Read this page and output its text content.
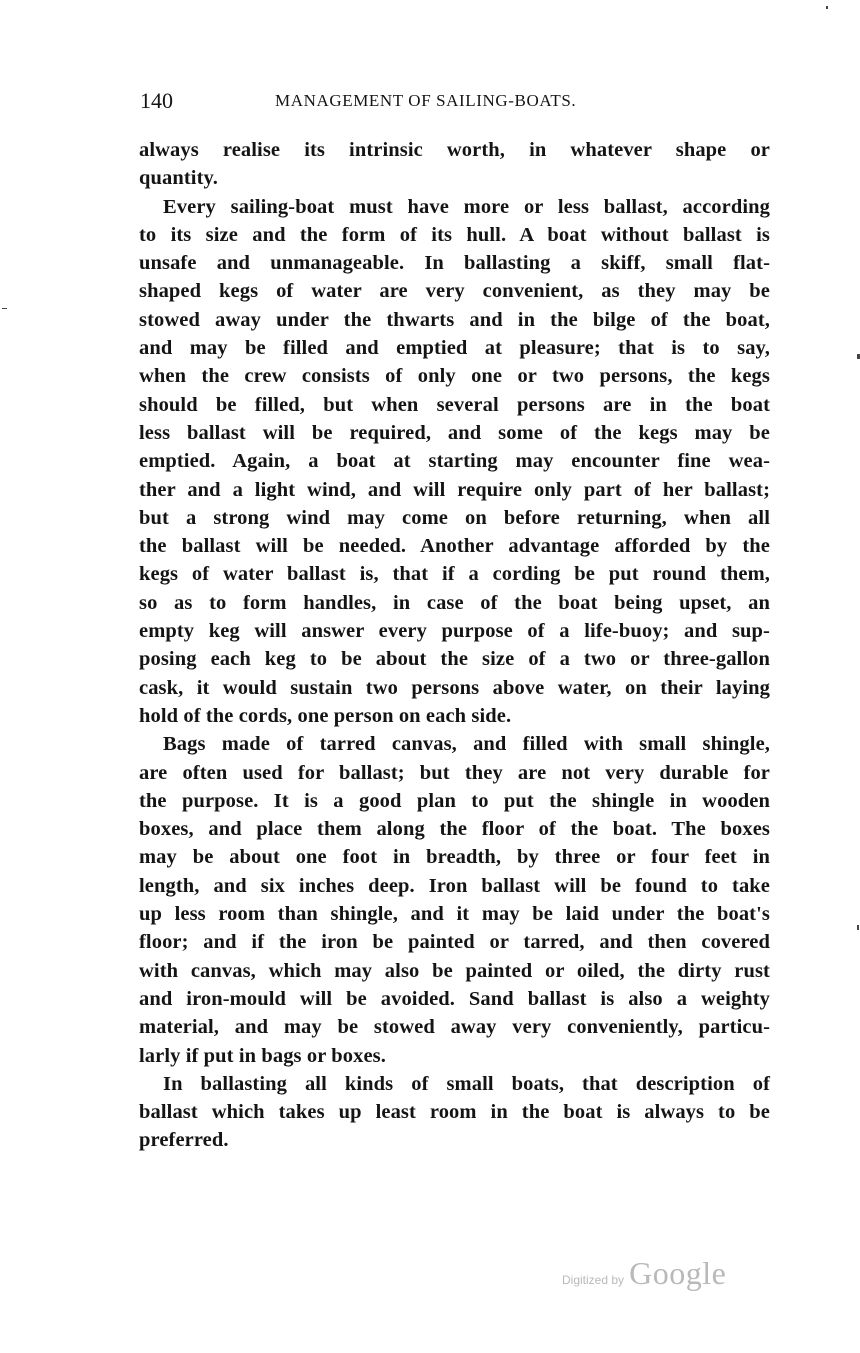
140	MANAGEMENT OF SAILING-BOATS.
always realise its intrinsic worth, in whatever shape or
quantity.
Every sailing-boat must have more or less ballast, according
to its size and the form of its hull. A boat without ballast is
unsafe and unmanageable. In ballasting a skiff, small flat-
shaped kegs of water are very convenient, as they may be
stowed away under the thwarts and in the bilge of the boat,
and may be filled and emptied at pleasure; that is to say,
when the crew consists of only one or two persons, the kegs
should be filled, but when several persons are in the boat
less ballast will be required, and some of the kegs may be
emptied. Again, a boat at starting may encounter fine wea-
ther and a light wind, and will require only part of her ballast;
but a strong wind may come on before returning, when all
the ballast will be needed. Another advantage afforded by the
kegs of water ballast is, that if a cording be put round them,
so as to form handles, in case of the boat being upset, an
empty keg will answer every purpose of a life-buoy; and sup-
posing each keg to be about the size of a two or three-gallon
cask, it would sustain two persons above water, on their laying
hold of the cords, one person on each side.
Bags made of tarred canvas, and filled with small shingle,
are often used for ballast; but they are not very durable for
the purpose. It is a good plan to put the shingle in wooden
boxes, and place them along the floor of the boat. The boxes
may be about one foot in breadth, by three or four feet in
length, and six inches deep. Iron ballast will be found to take
up less room than shingle, and it may be laid under the boat's
floor; and if the iron be painted or tarred, and then covered
with canvas, which may also be painted or oiled, the dirty rust
and iron-mould will be avoided. Sand ballast is also a weighty
material, and may be stowed away very conveniently, particu-
larly if put in bags or boxes.
In ballasting all kinds of small boats, that description of
ballast which takes up least room in the boat is always to be
preferred.
Digitized by Google
